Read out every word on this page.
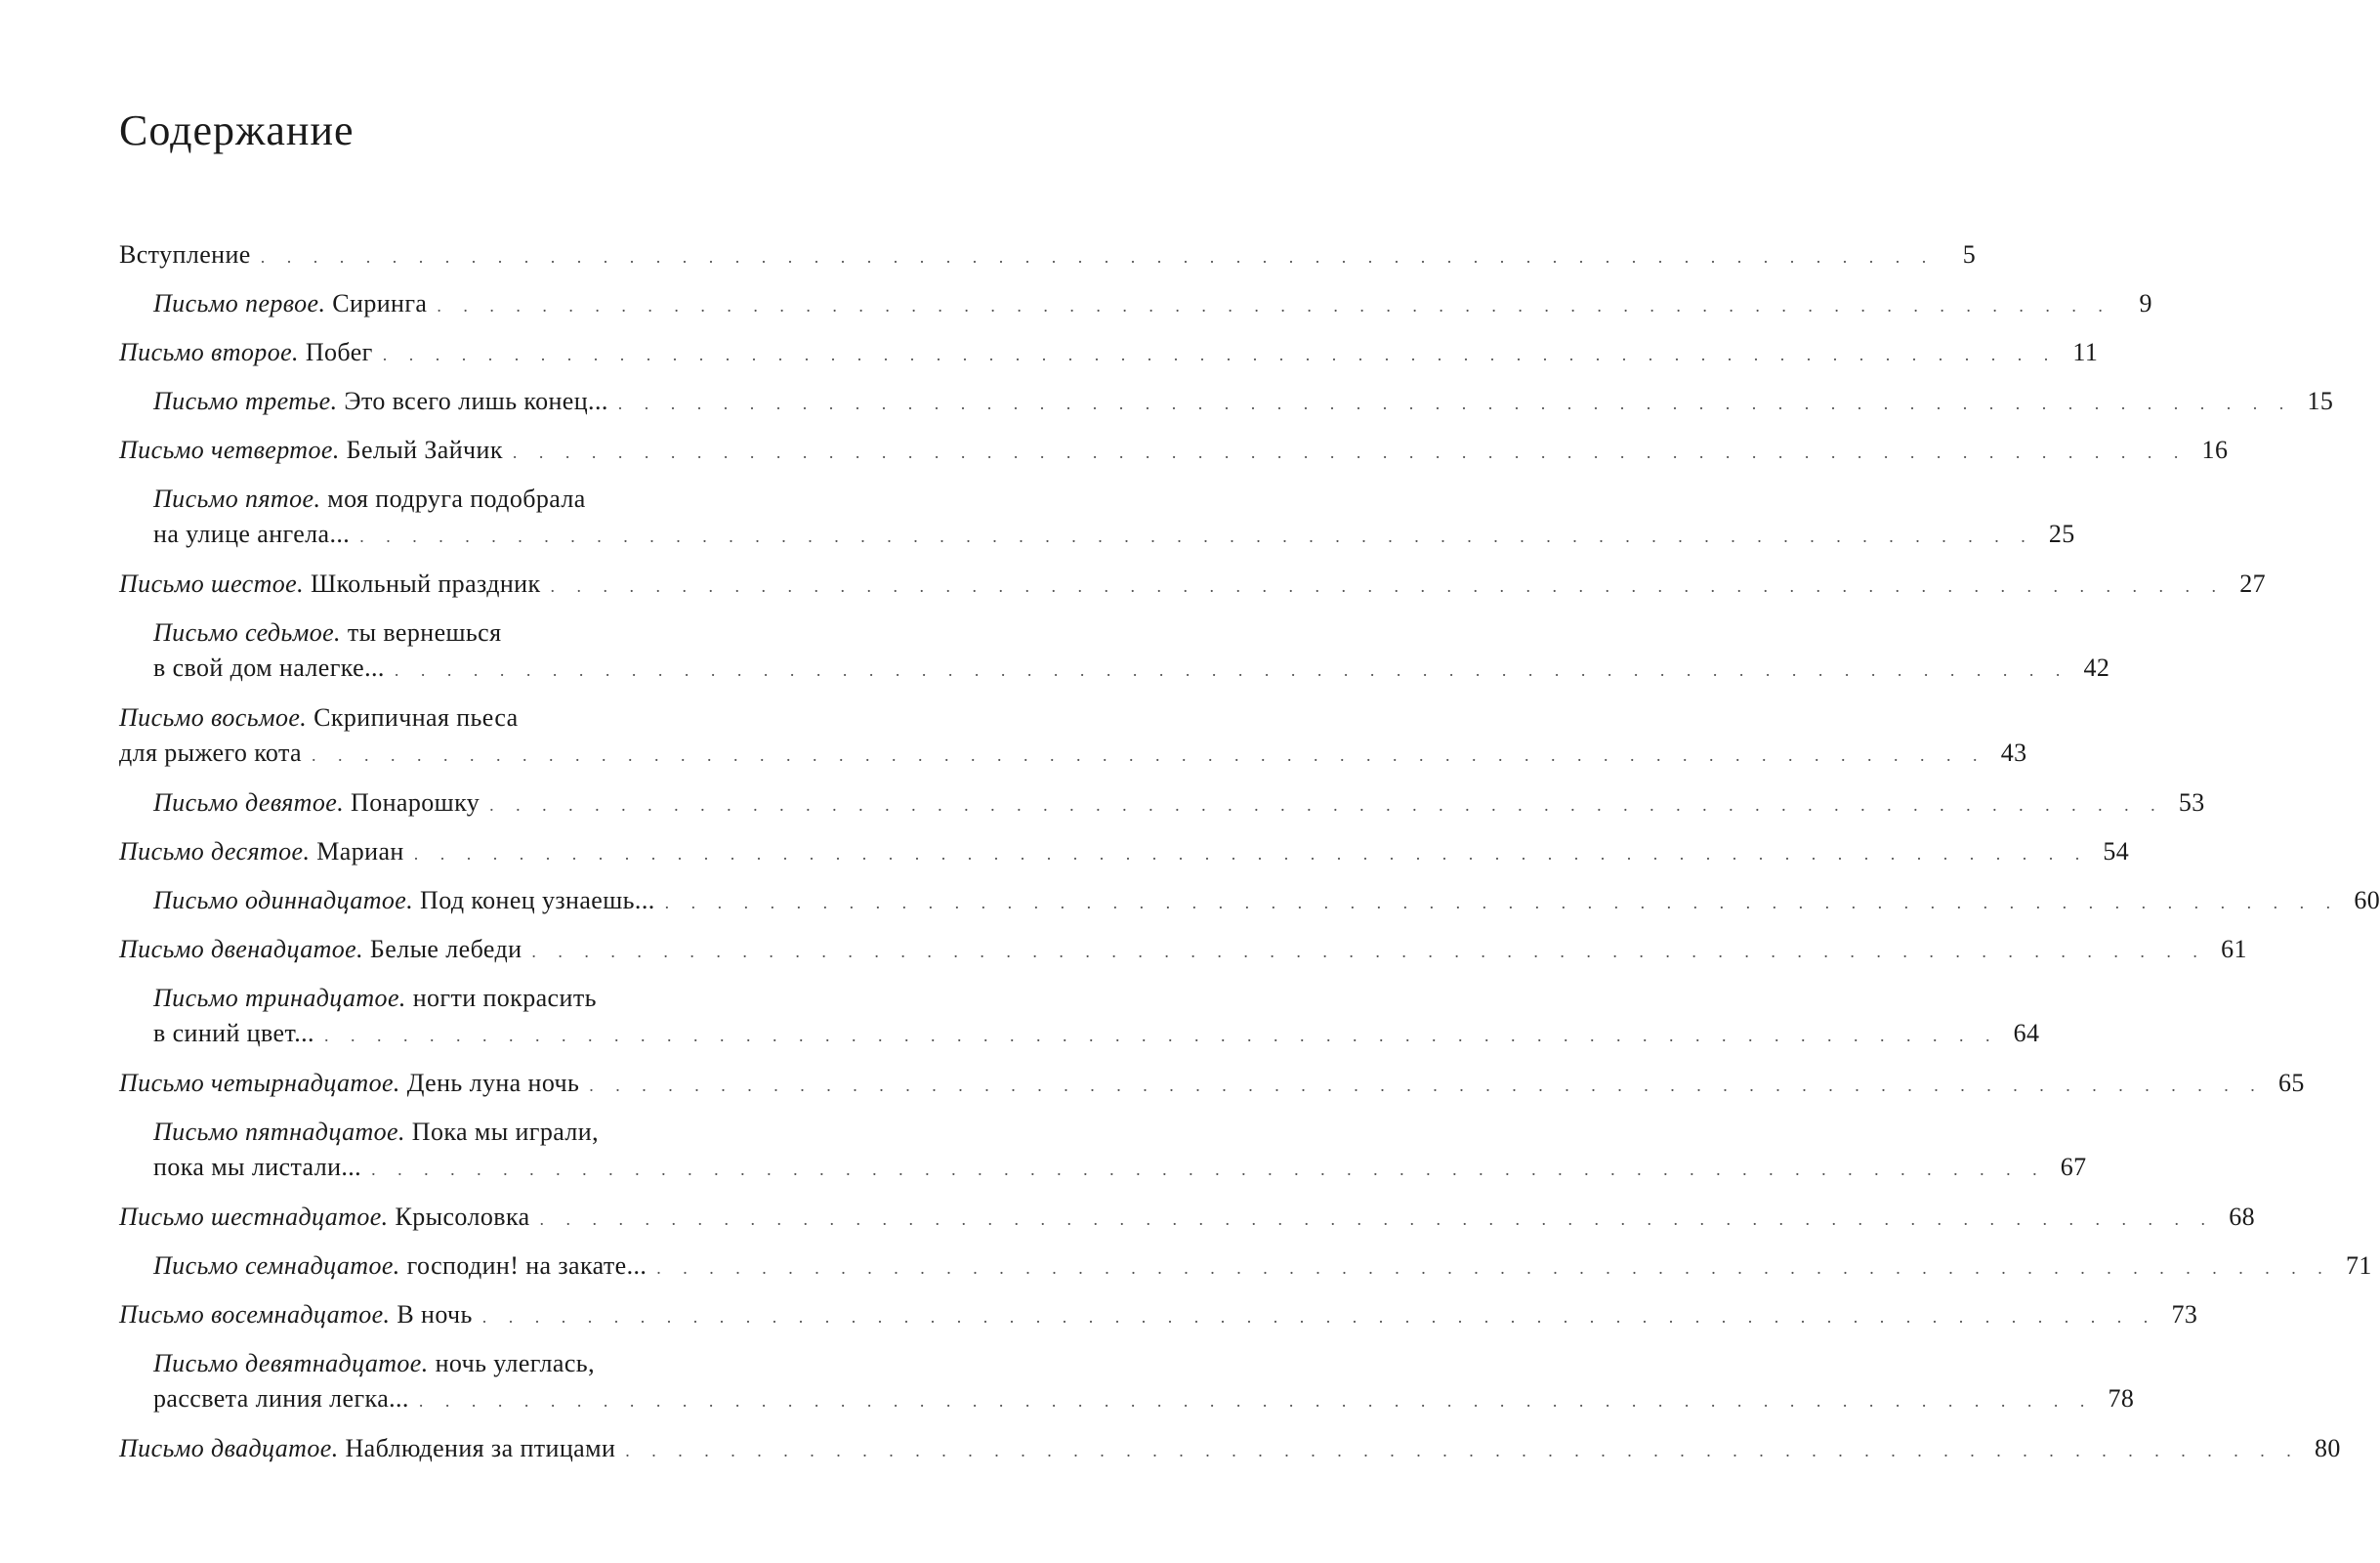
Содержание
Вступление . . . . . . . . . . . . . . . . . . . . . . . . . . . . . . . . . . . . . . . . . . . . . . . . . . . . . . . . . . . . . . . .	5
Письмо первое.
Сиринга . . . . . . . . . . . . . . . . . . . . . . . . . . . . . . . . . . . . . . . . . . . . . . . . . . . . . . . . . . . . . . . .	9
Письмо второе.
Побег . . . . . . . . . . . . . . . . . . . . . . . . . . . . . . . . . . . . . . . . . . . . . . . . . . . . . . . . . . . . . . . . 11
Письмо третье.
Это всего лишь конец... . . . . . . . . . . . . . . . . . . . . . . . . . . . . . . . . . . . . . . . . . . . . . . . . . . . . . . . . . . . . . . . . 15
Письмо четвертое.
Белый Зайчик . . . . . . . . . . . . . . . . . . . . . . . . . . . . . . . . . . . . . . . . . . . . . . . . . . . . . . . . . . . . . . . . 16
Письмо пятое.
моя подруга подобрала
на улице ангела... . . . . . . . . . . . . . . . . . . . . . . . . . . . . . . . . . . . . . . . . . . . . . . . . . . . . . . . . . . . . . . . . 25
Письмо шестое.
Школьный праздник . . . . . . . . . . . . . . . . . . . . . . . . . . . . . . . . . . . . . . . . . . . . . . . . . . . . . . . . . . . . . . . . 27
Письмо седьмое.
ты вернешься
в свой дом налегке... . . . . . . . . . . . . . . . . . . . . . . . . . . . . . . . . . . . . . . . . . . . . . . . . . . . . . . . . . . . . . . . . 42
Письмо восьмое.
Скрипичная пьеса
для рыжего кота . . . . . . . . . . . . . . . . . . . . . . . . . . . . . . . . . . . . . . . . . . . . . . . . . . . . . . . . . . . . . . . . 43
Письмо девятое.
Понарошку . . . . . . . . . . . . . . . . . . . . . . . . . . . . . . . . . . . . . . . . . . . . . . . . . . . . . . . . . . . . . . . . 53
Письмо десятое.
Мариан . . . . . . . . . . . . . . . . . . . . . . . . . . . . . . . . . . . . . . . . . . . . . . . . . . . . . . . . . . . . . . . . 54
Письмо одиннадцатое.
Под конец узнаешь... . . . . . . . . . . . . . . . . . . . . . . . . . . . . . . . . . . . . . . . . . . . . . . . . . . . . . . . . . . . . . . . . 60
Письмо двенадцатое.
Белые лебеди . . . . . . . . . . . . . . . . . . . . . . . . . . . . . . . . . . . . . . . . . . . . . . . . . . . . . . . . . . . . . . . . 61
Письмо тринадцатое.
ногти покрасить
в синий цвет... . . . . . . . . . . . . . . . . . . . . . . . . . . . . . . . . . . . . . . . . . . . . . . . . . . . . . . . . . . . . . . . . 64
Письмо четырнадцатое.
День луна ночь . . . . . . . . . . . . . . . . . . . . . . . . . . . . . . . . . . . . . . . . . . . . . . . . . . . . . . . . . . . . . . . . 65
Письмо пятнадцатое.
Пока мы играли,
пока мы листали... . . . . . . . . . . . . . . . . . . . . . . . . . . . . . . . . . . . . . . . . . . . . . . . . . . . . . . . . . . . . . . . . 67
Письмо шестнадцатое.
Крысоловка . . . . . . . . . . . . . . . . . . . . . . . . . . . . . . . . . . . . . . . . . . . . . . . . . . . . . . . . . . . . . . . . 68
Письмо семнадцатое.
господин! на закате... . . . . . . . . . . . . . . . . . . . . . . . . . . . . . . . . . . . . . . . . . . . . . . . . . . . . . . . . . . . . . . . . 71
Письмо восемнадцатое.
В ночь . . . . . . . . . . . . . . . . . . . . . . . . . . . . . . . . . . . . . . . . . . . . . . . . . . . . . . . . . . . . . . . . 73
Письмо девятнадцатое.
ночь улеглась,
рассвета линия легка... . . . . . . . . . . . . . . . . . . . . . . . . . . . . . . . . . . . . . . . . . . . . . . . . . . . . . . . . . . . . . . . . 78
Письмо двадцатое.
Наблюдения за птицами . . . . . . . . . . . . . . . . . . . . . . . . . . . . . . . . . . . . . . . . . . . . . . . . . . . . . . . . . . . . . . . . 80
